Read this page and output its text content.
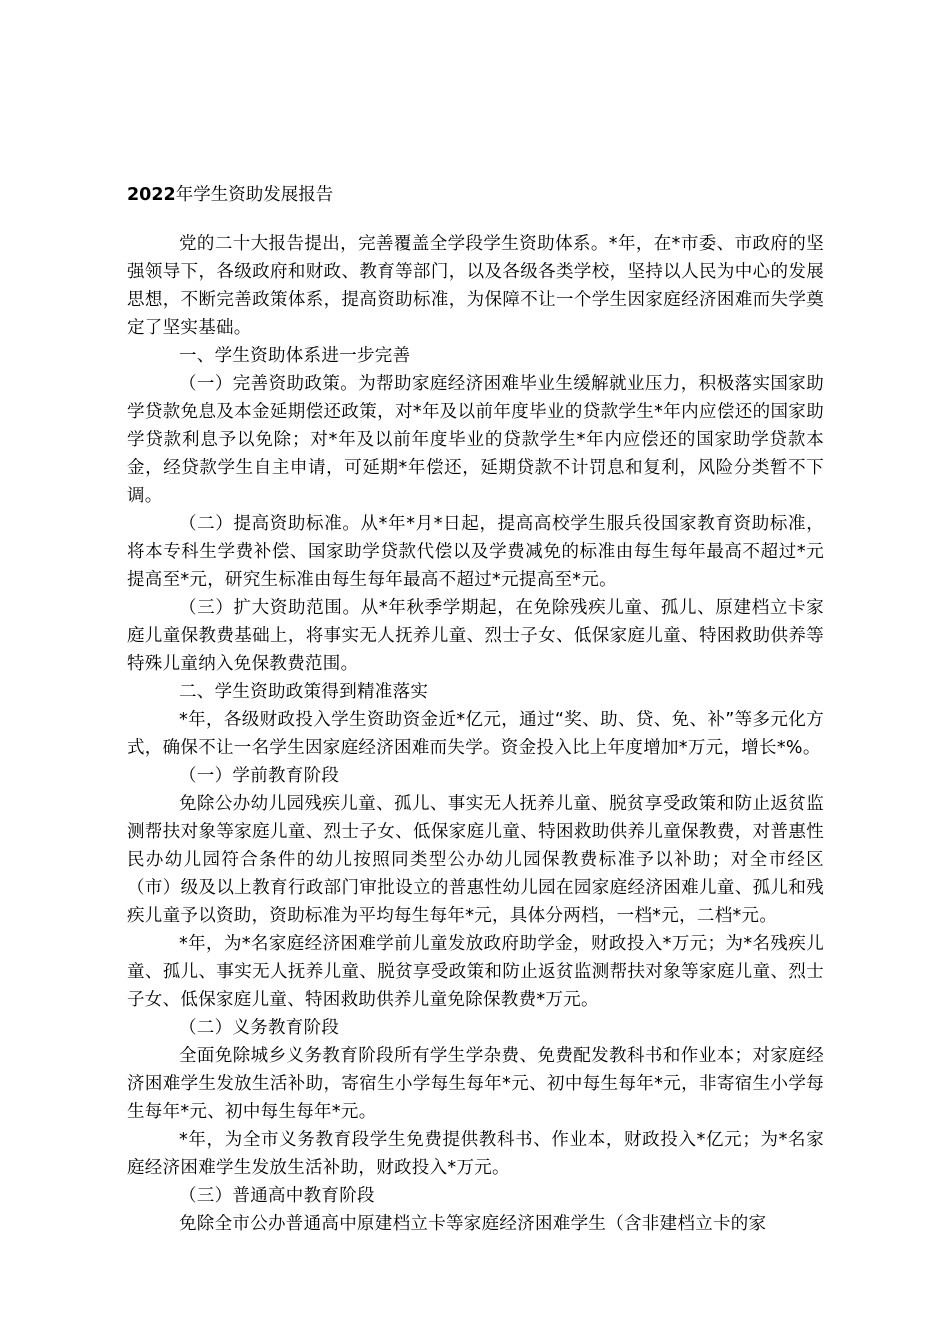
2022年学生资助发展报告

党的二十大报告提出，完善覆盖全学段学生资助体系。*年，在*市委、市政府的坚强领导下，各级政府和财政、教育等部门，以及各级各类学校，坚持以人民为中心的发展思想，不断完善政策体系，提高资助标准，为保障不让一个学生因家庭经济困难而失学奠定了坚实基础。

一、学生资助体系进一步完善

（一）完善资助政策。为帮助家庭经济困难毕业生缓解就业压力，积极落实国家助学贷款免息及本金延期偿还政策，对*年及以前年度毕业的贷款学生*年内应偿还的国家助学贷款利息予以免除；对*年及以前年度毕业的贷款学生*年内应偿还的国家助学贷款本金，经贷款学生自主申请，可延期*年偿还，延期贷款不计罚息和复利，风险分类暂不下调。

（二）提高资助标准。从*年*月*日起，提高高校学生服兵役国家教育资助标准，将本专科生学费补偿、国家助学贷款代偿以及学费减免的标准由每生每年最高不超过*元提高至*元，研究生标准由每生每年最高不超过*元提高至*元。

（三）扩大资助范围。从*年秋季学期起，在免除残疾儿童、孤儿、原建档立卡家庭儿童保教费基础上，将事实无人抚养儿童、烈士子女、低保家庭儿童、特困救助供养等特殊儿童纳入免保教费范围。

二、学生资助政策得到精准落实

*年，各级财政投入学生资助资金近*亿元，通过“奖、助、贷、免、补”等多元化方式，确保不让一名学生因家庭经济困难而失学。资金投入比上年度增加*万元，增长*%。

（一）学前教育阶段

免除公办幼儿园残疾儿童、孤儿、事实无人抚养儿童、脱贫享受政策和防止返贫监测帮扶对象等家庭儿童、烈士子女、低保家庭儿童、特困救助供养儿童保教费，对普惠性民办幼儿园符合条件的幼儿按照同类型公办幼儿园保教费标准予以补助；对全市经区（市）级及以上教育行政部门审批设立的普惠性幼儿园在园家庭经济困难儿童、孤儿和残疾儿童予以资助，资助标准为平均每生每年*元，具体分两档，一档*元，二档*元。

*年，为*名家庭经济困难学前儿童发放政府助学金，财政投入*万元；为*名残疾儿童、孤儿、事实无人抚养儿童、脱贫享受政策和防止返贫监测帮扶对象等家庭儿童、烈士子女、低保家庭儿童、特困救助供养儿童免除保教费*万元。

（二）义务教育阶段

全面免除城乡义务教育阶段所有学生学杂费、免费配发教科书和作业本；对家庭经济困难学生发放生活补助，寄宿生小学每生每年*元、初中每生每年*元，非寄宿生小学每生每年*元、初中每生每年*元。

*年，为全市义务教育段学生免费提供教科书、作业本，财政投入*亿元；为*名家庭经济困难学生发放生活补助，财政投入*万元。

（三）普通高中教育阶段

免除全市公办普通高中原建档立卡等家庭经济困难学生（含非建档立卡的家
